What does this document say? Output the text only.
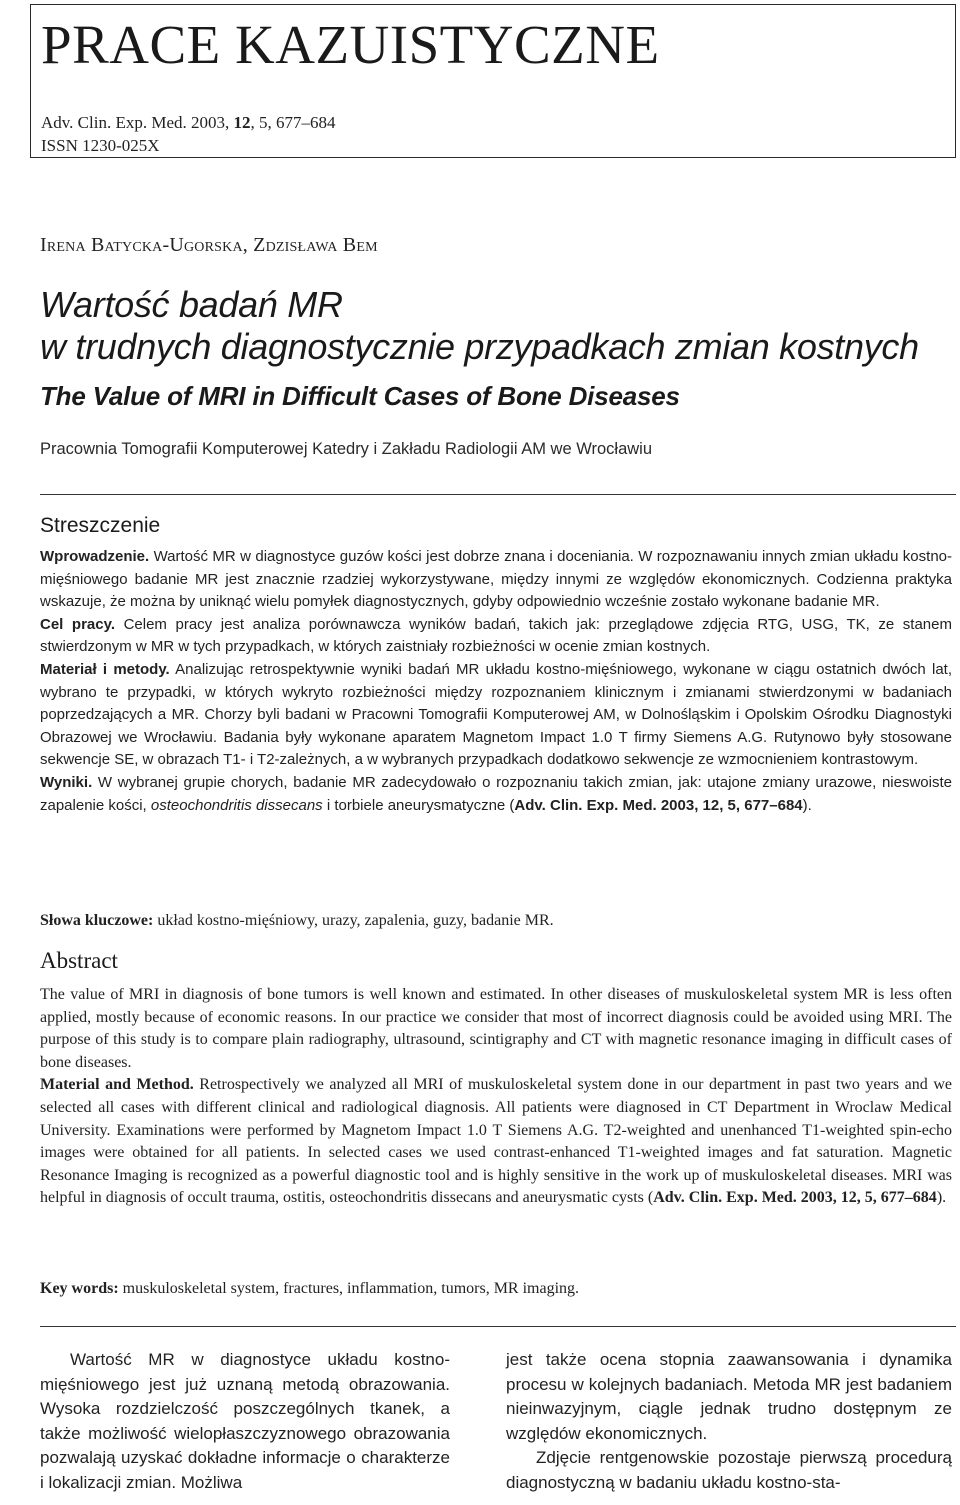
PRACE KAZUISTYCZNE
Adv. Clin. Exp. Med. 2003, 12, 5, 677–684
ISSN 1230-025X
Irena Batycka-Ugorska, Zdzisława Bem
Wartość badań MR
w trudnych diagnostycznie przypadkach zmian kostnych
The Value of MRI in Difficult Cases of Bone Diseases
Pracownia Tomografii Komputerowej Katedry i Zakładu Radiologii AM we Wrocławiu
Streszczenie

Wprowadzenie. Wartość MR w diagnostyce guzów kości jest dobrze znana i doceniania. W rozpoznawaniu innych zmian układu kostno-mięśniowego badanie MR jest znacznie rzadziej wykorzystywane, między innymi ze względów ekonomicznych. Codzienna praktyka wskazuje, że można by uniknąć wielu pomyłek diagnostycznych, gdyby odpowiednio wcześnie zostało wykonane badanie MR.

Cel pracy. Celem pracy jest analiza porównawcza wyników badań, takich jak: przeglądowe zdjęcia RTG, USG, TK, ze stanem stwierdzonym w MR w tych przypadkach, w których zaistniały rozbieżności w ocenie zmian kostnych.

Materiał i metody. Analizując retrospektywnie wyniki badań MR układu kostno-mięśniowego, wykonane w ciągu ostatnich dwóch lat, wybrano te przypadki, w których wykryto rozbieżności między rozpoznaniem klinicznym i zmianami stwierdzonymi w badaniach poprzedzających a MR. Chorzy byli badani w Pracowni Tomografii Komputerowej AM, w Dolnośląskim i Opolskim Ośrodku Diagnostyki Obrazowej we Wrocławiu. Badania były wykonane aparatem Magnetom Impact 1.0 T firmy Siemens A.G. Rutynowo były stosowane sekwencje SE, w obrazach T1- i T2-zależnych, a w wybranych przypadkach dodatkowo sekwencje ze wzmocnieniem kontrastowym.

Wyniki. W wybranej grupie chorych, badanie MR zadecydowało o rozpoznaniu takich zmian, jak: utajone zmiany urazowe, nieswoiste zapalenie kości, osteochondritis dissecans i torbiele aneurysmatyczne (Adv. Clin. Exp. Med. 2003, 12, 5, 677–684).

Słowa kluczowe: układ kostno-mięśniowy, urazy, zapalenia, guzy, badanie MR.
Abstract

The value of MRI in diagnosis of bone tumors is well known and estimated. In other diseases of muskuloskeletal system MR is less often applied, mostly because of economic reasons. In our practice we consider that most of incorrect diagnosis could be avoided using MRI. The purpose of this study is to compare plain radiography, ultrasound, scintigraphy and CT with magnetic resonance imaging in difficult cases of bone diseases.

Material and Method. Retrospectively we analyzed all MRI of muskuloskeletal system done in our department in past two years and we selected all cases with different clinical and radiological diagnosis. All patients were diagnosed in CT Department in Wroclaw Medical University. Examinations were performed by Magnetom Impact 1.0 T Siemens A.G. T2-weighted and unenhanced T1-weighted spin-echo images were obtained for all patients. In selected cases we used contrast-enhanced T1-weighted images and fat saturation. Magnetic Resonance Imaging is recognized as a powerful diagnostic tool and is highly sensitive in the work up of muskuloskeletal diseases. MRI was helpful in diagnosis of occult trauma, ostitis, osteochondritis dissecans and aneurysmatic cysts (Adv. Clin. Exp. Med. 2003, 12, 5, 677–684).

Key words: muskuloskeletal system, fractures, inflammation, tumors, MR imaging.

Wartość MR w diagnostyce układu kostno-mięśniowego jest już uznaną metodą obrazowania. Wysoka rozdzielczość poszczególnych tkanek, a także możliwość wielopłaszczyznowego obrazowania pozwalają uzyskać dokładne informacje o charakterze i lokalizacji zmian. Możliwa

jest także ocena stopnia zaawansowania i dynamika procesu w kolejnych badaniach. Metoda MR jest badaniem nieinwazyjnym, ciągle jednak trudno dostępnym ze względów ekonomicznych.

Zdjęcie rentgenowskie pozostaje pierwszą procedurą diagnostyczną w badaniu układu kostno-sta-
